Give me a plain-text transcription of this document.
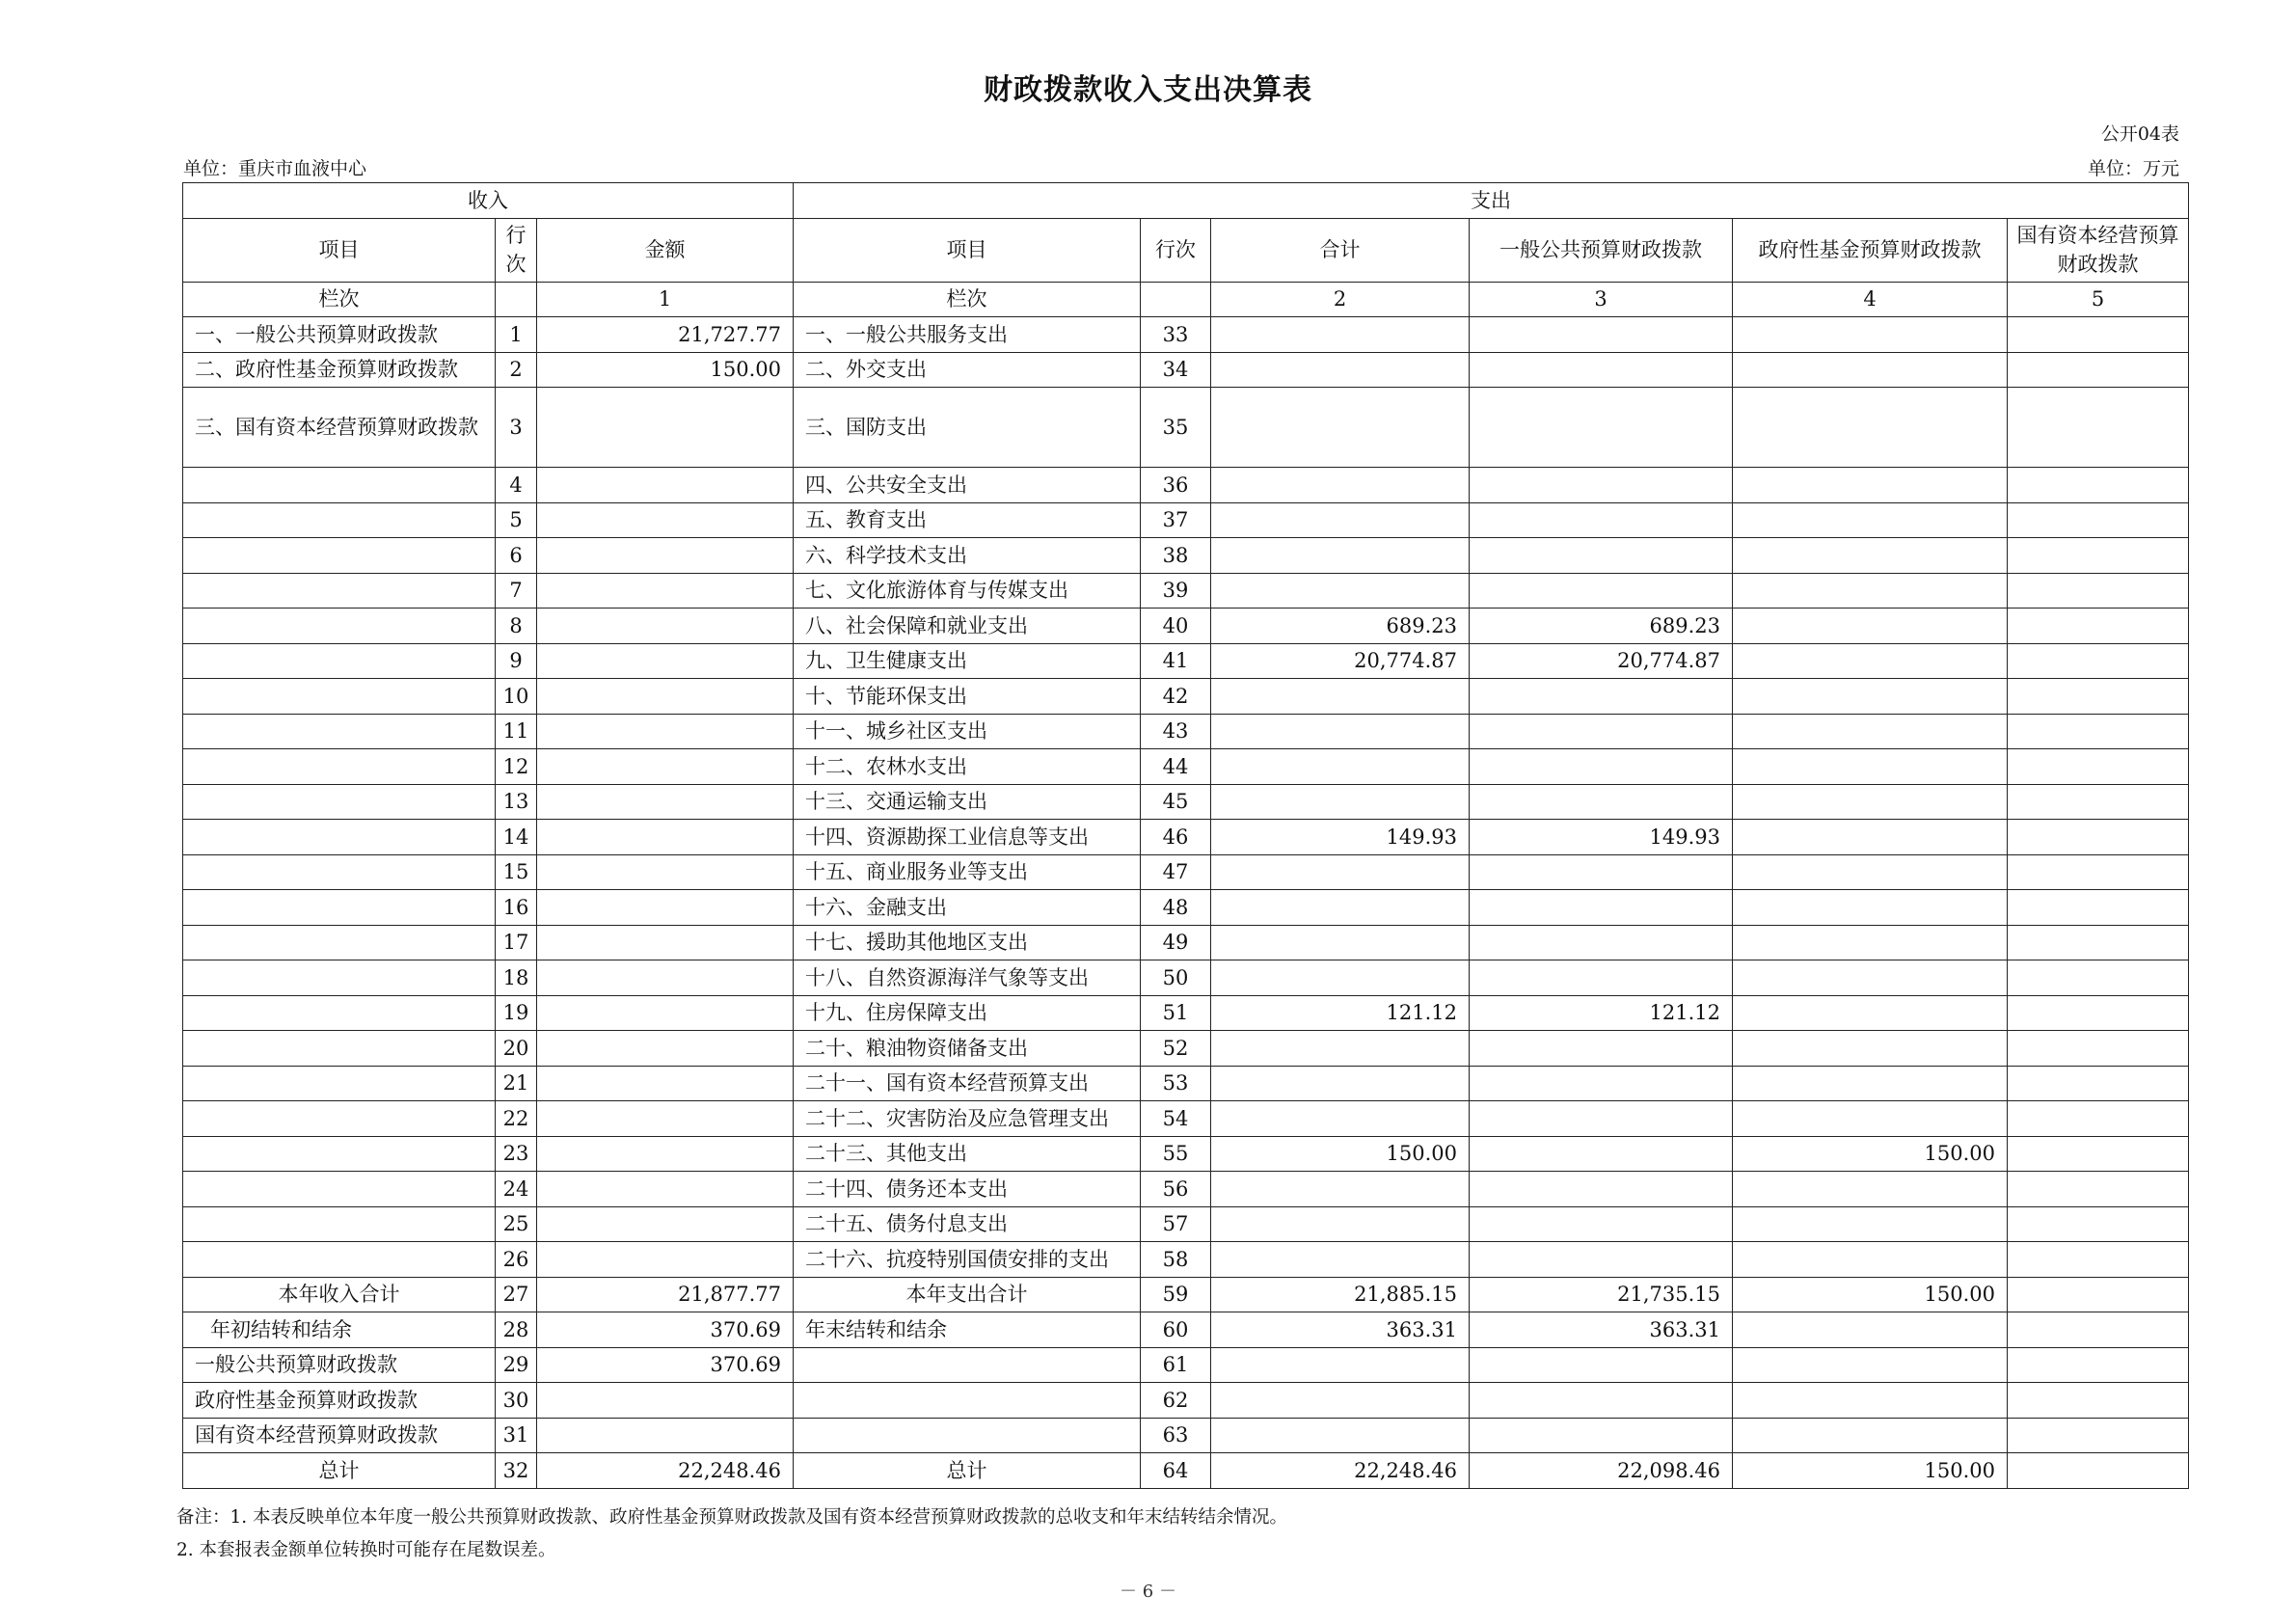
财政拨款收入支出决算表
公开04表
单位：重庆市血液中心	单位：万元
收入			支出					
项目	行次	金额	项目	行次	合计	一般公共预算财政拨款	政府性基金预算财政拨款	国有资本经营预算财政拨款
栏次		1	栏次		2	3	4	5
一、一般公共预算财政拨款	1	21,727.77	一、一般公共服务支出	33				
二、政府性基金预算财政拨款	2	150.00	二、外交支出	34				
三、国有资本经营预算财政拨款	3		三、国防支出	35				
	4		四、公共安全支出	36				
	5		五、教育支出	37				
	6		六、科学技术支出	38				
	7		七、文化旅游体育与传媒支出	39				
	8		八、社会保障和就业支出	40	689.23	689.23		
	9		九、卫生健康支出	41	20,774.87	20,774.87		
	10		十、节能环保支出	42				
	11		十一、城乡社区支出	43				
	12		十二、农林水支出	44				
	13		十三、交通运输支出	45				
	14		十四、资源勘探工业信息等支出	46	149.93	149.93		
	15		十五、商业服务业等支出	47				
	16		十六、金融支出	48				
	17		十七、援助其他地区支出	49				
	18		十八、自然资源海洋气象等支出	50				
	19		十九、住房保障支出	51	121.12	121.12		
	20		二十、粮油物资储备支出	52				
	21		二十一、国有资本经营预算支出	53				
	22		二十二、灾害防治及应急管理支出	54				
	23		二十三、其他支出	55	150.00		150.00	
	24		二十四、债务还本支出	56				
	25		二十五、债务付息支出	57				
	26		二十六、抗疫特别国债安排的支出	58				
本年收入合计	27	21,877.77	本年支出合计	59	21,885.15	21,735.15	150.00	
年初结转和结余	28	370.69	年末结转和结余	60	363.31	363.31		
一般公共预算财政拨款	29	370.69		61				
政府性基金预算财政拨款	30			62				
国有资本经营预算财政拨款	31			63				
总计	32	22,248.46	总计	64	22,248.46	22,098.46	150.00	
备注：1. 本表反映单位本年度一般公共预算财政拨款、政府性基金预算财政拨款及国有资本经营预算财政拨款的总收支和年末结转结余情况。
2. 本套报表金额单位转换时可能存在尾数误差。
－ 6 －
